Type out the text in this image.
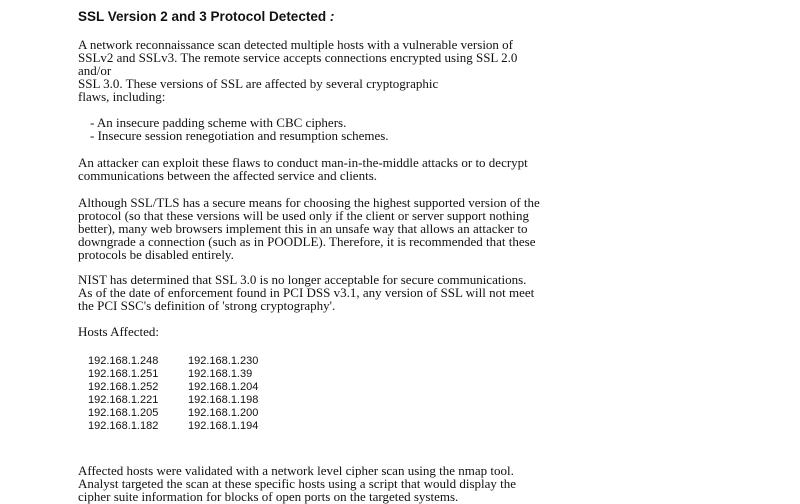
SSL Version 2 and 3 Protocol Detected :

A network reconnaissance scan detected multiple hosts with a vulnerable version of
SSLv2 and SSLv3. The remote service accepts connections encrypted using SSL 2.0
and/or
SSL 3.0. These versions of SSL are affected by several cryptographic
flaws, including:

- An insecure padding scheme with CBC ciphers.
- Insecure session renegotiation and resumption schemes.

An attacker can exploit these flaws to conduct man-in-the-middle attacks or to decrypt
communications between the affected service and clients.

Although SSL/TLS has a secure means for choosing the highest supported version of the
protocol (so that these versions will be used only if the client or server support nothing
better), many web browsers implement this in an unsafe way that allows an attacker to
downgrade a connection (such as in POODLE). Therefore, it is recommended that these
protocols be disabled entirely.

NIST has determined that SSL 3.0 is no longer acceptable for secure communications.
As of the date of enforcement found in PCI DSS v3.1, any version of SSL will not meet
the PCI SSC's definition of 'strong cryptography'.

Hosts Affected:
192.168.1.248	192.168.1.230
192.168.1.251	192.168.1.39
192.168.1.252	192.168.1.204
192.168.1.221	192.168.1.198
192.168.1.205	192.168.1.200
192.168.1.182	192.168.1.194

Affected hosts were validated with a network level cipher scan using the nmap tool.
Analyst targeted the scan at these specific hosts using a script that would display the
cipher suite information for blocks of open ports on the targeted systems.
